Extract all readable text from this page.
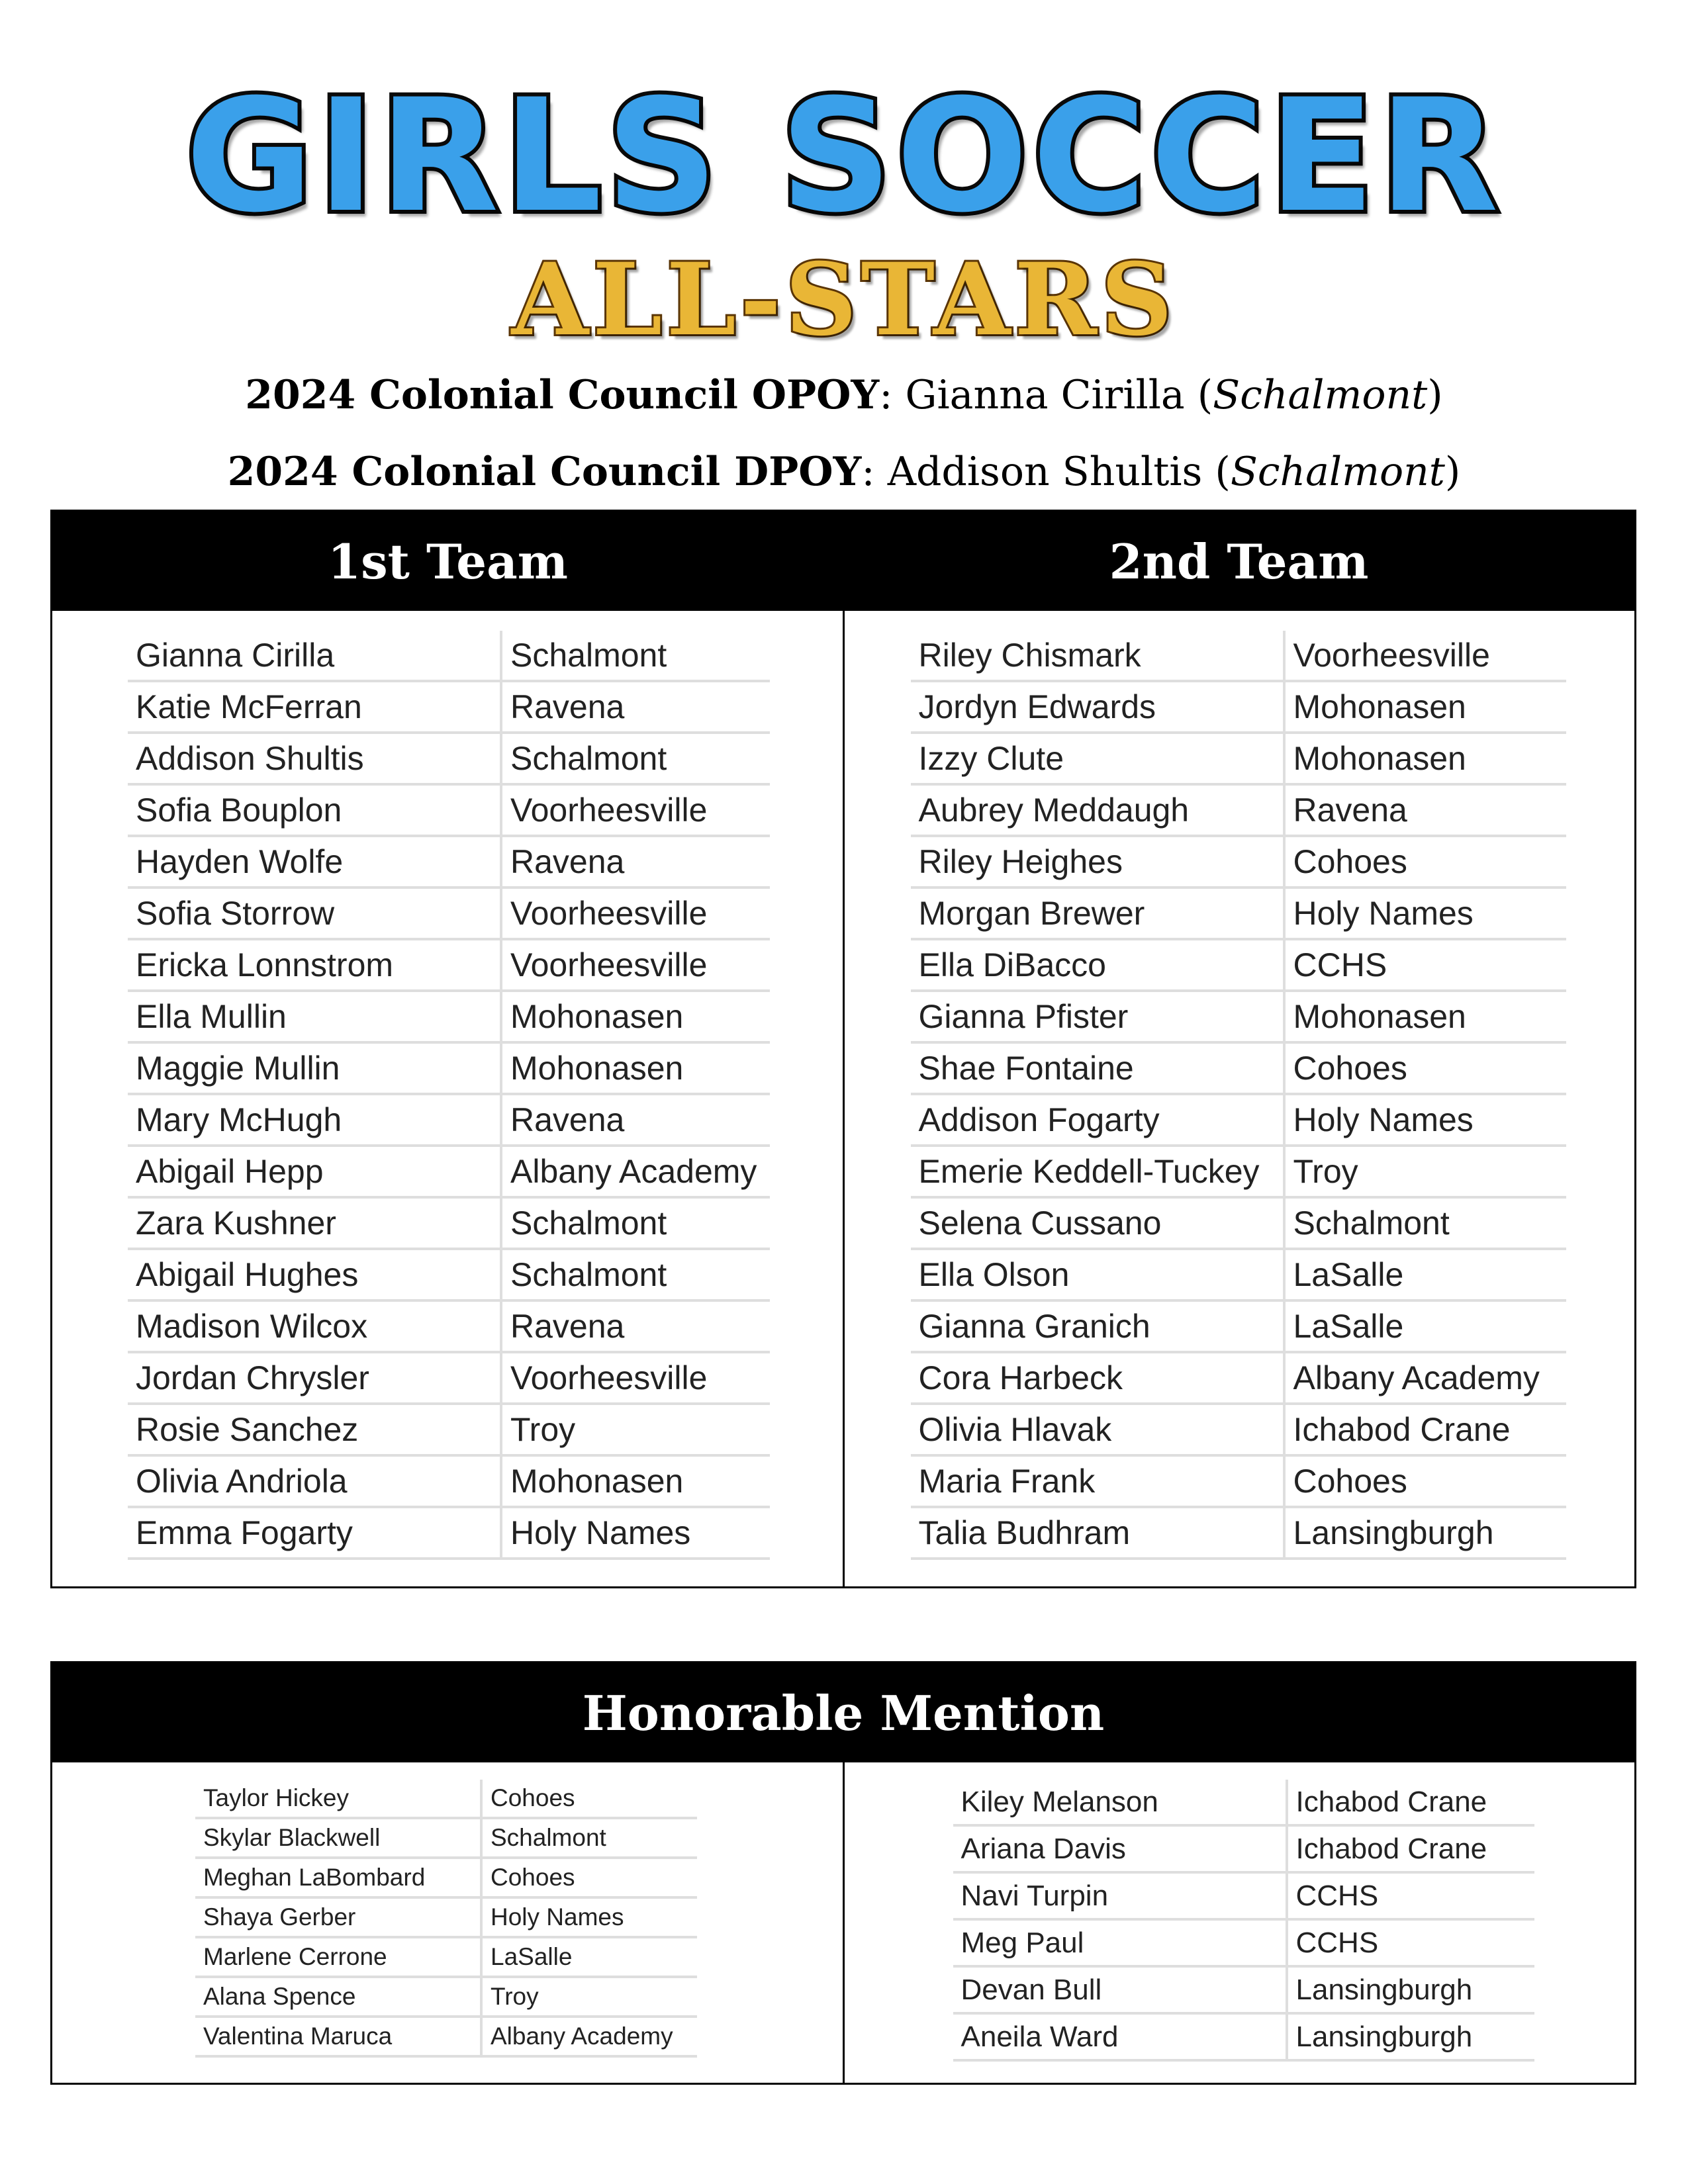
GIRLS SOCCER
ALL-STARS
2024 Colonial Council OPOY: Gianna Cirilla (Schalmont)
2024 Colonial Council DPOY: Addison Shultis (Schalmont)
1st Team	2nd Team
Gianna Cirilla	Schalmont
Katie McFerran	Ravena
Addison Shultis	Schalmont
Sofia Bouplon	Voorheesville
Hayden Wolfe	Ravena
Sofia Storrow	Voorheesville
Ericka Lonnstrom	Voorheesville
Ella Mullin	Mohonasen
Maggie Mullin	Mohonasen
Mary McHugh	Ravena
Abigail Hepp	Albany Academy
Zara Kushner	Schalmont
Abigail Hughes	Schalmont
Madison Wilcox	Ravena
Jordan Chrysler	Voorheesville
Rosie Sanchez	Troy
Olivia Andriola	Mohonasen
Emma Fogarty	Holy Names
Riley Chismark	Voorheesville
Jordyn Edwards	Mohonasen
Izzy Clute	Mohonasen
Aubrey Meddaugh	Ravena
Riley Heighes	Cohoes
Morgan Brewer	Holy Names
Ella DiBacco	CCHS
Gianna Pfister	Mohonasen
Shae Fontaine	Cohoes
Addison Fogarty	Holy Names
Emerie Keddell-Tuckey	Troy
Selena Cussano	Schalmont
Ella Olson	LaSalle
Gianna Granich	LaSalle
Cora Harbeck	Albany Academy
Olivia Hlavak	Ichabod Crane
Maria Frank	Cohoes
Talia Budhram	Lansingburgh
Honorable Mention
Taylor Hickey	Cohoes
Skylar Blackwell	Schalmont
Meghan LaBombard	Cohoes
Shaya Gerber	Holy Names
Marlene Cerrone	LaSalle
Alana Spence	Troy
Valentina Maruca	Albany Academy
Kiley Melanson	Ichabod Crane
Ariana Davis	Ichabod Crane
Navi Turpin	CCHS
Meg Paul	CCHS
Devan Bull	Lansingburgh
Aneila Ward	Lansingburgh
